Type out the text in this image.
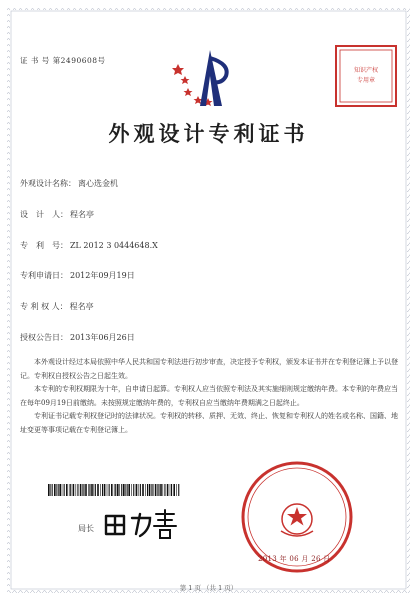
证 书 号 第2490608号
知识产权
专用章
外观设计专利证书
外观设计名称： 离心选金机
设　计　人： 程名亭
专　利　号： ZL 2012 3 0444648.X
专利申请日： 2012年09月19日
专 利 权 人： 程名亭
授权公告日： 2013年06月26日

本外观设计经过本局依照中华人民共和国专利法进行初步审查，决定授予专利权，颁发本证书并在专利登记簿上予以登记。专利权自授权公告之日起生效。

本专利的专利权期限为十年，自申请日起算。专利权人应当依照专利法及其实施细则规定缴纳年费。本专利的年费应当在每年09月19日前缴纳。未按照规定缴纳年费的，专利权自应当缴纳年费期满之日起终止。

专利证书记载专利权登记时的法律状况。专利权的转移、质押、无效、终止、恢复和专利权人的姓名或名称、国籍、地址变更等事项记载在专利登记簿上。

局长
2013 年 06 月 26 日
第 1 页 （共 1 页）
